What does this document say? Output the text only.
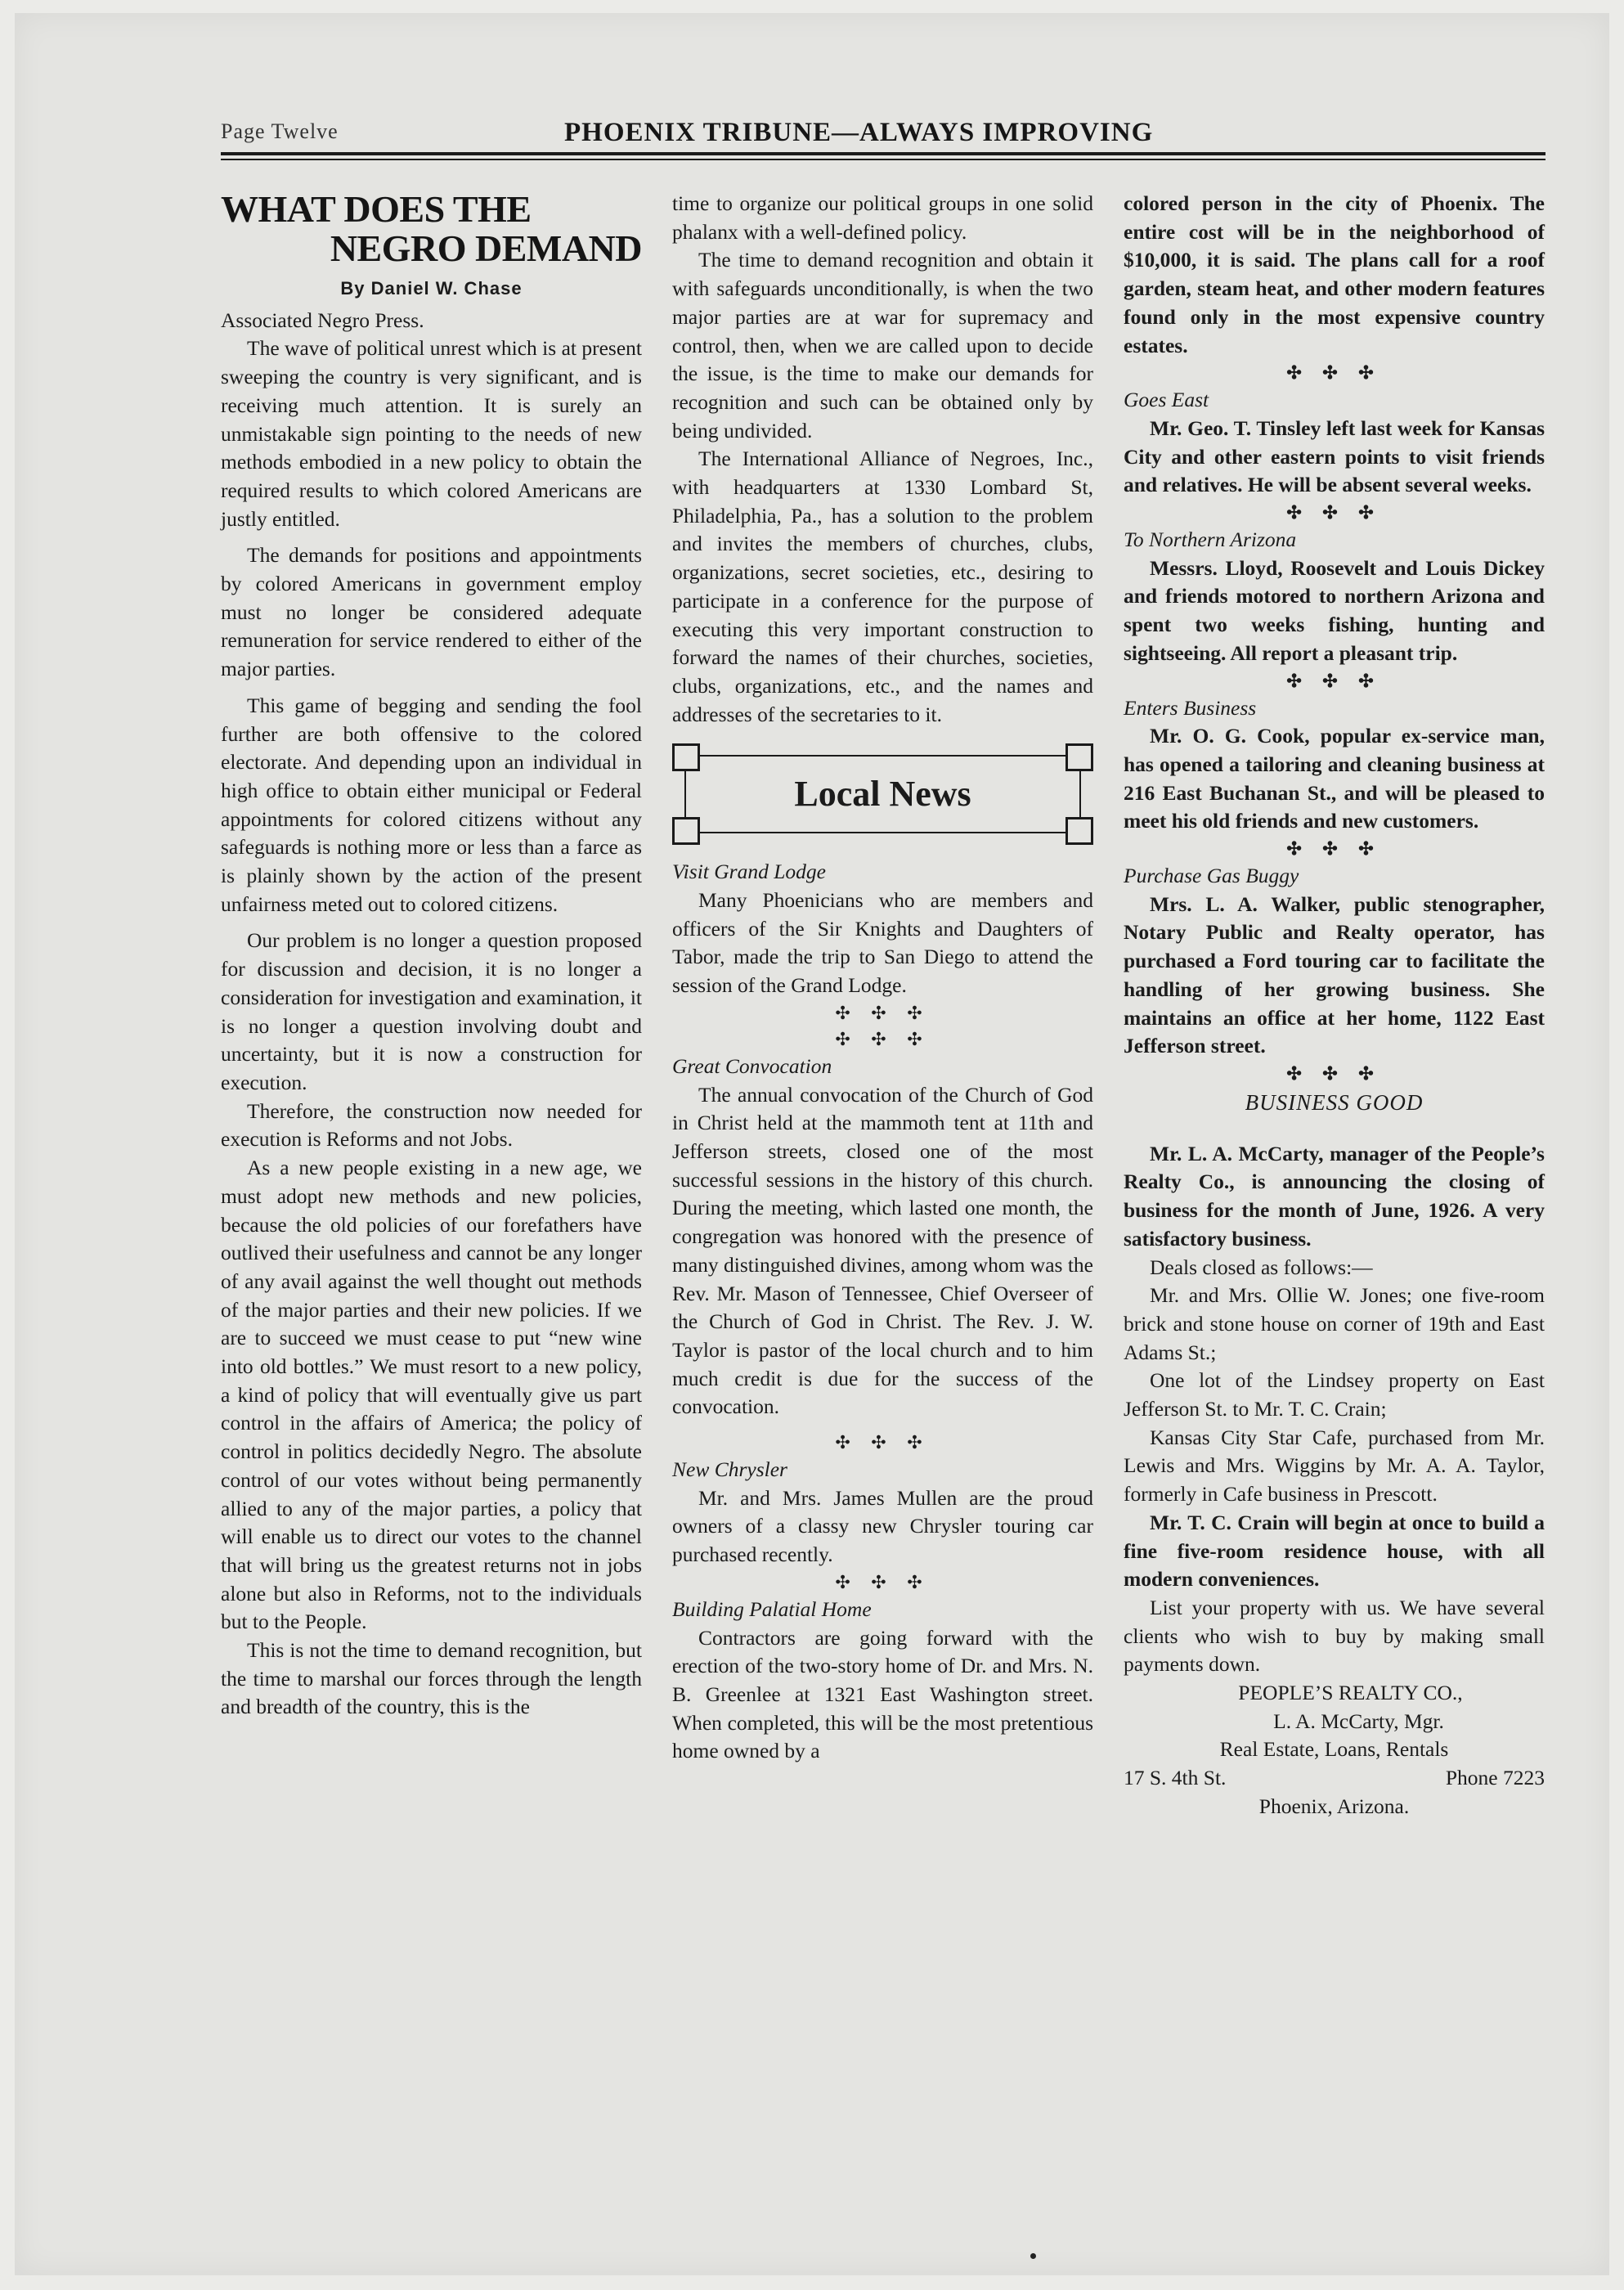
Page Twelve	PHOENIX TRIBUNE—ALWAYS IMPROVING
WHAT DOES THE
NEGRO DEMAND
By Daniel W. Chase

Associated Negro Press.

The wave of political unrest which is at present sweeping the country is very significant, and is receiving much attention. It is surely an unmistakable sign pointing to the needs of new methods embodied in a new policy to obtain the required results to which colored Americans are justly entitled.

The demands for positions and appointments by colored Americans in government employ must no longer be considered adequate remuneration for service rendered to either of the major parties.

This game of begging and sending the fool further are both offensive to the colored electorate. And depending upon an individual in high office to obtain either municipal or Federal appointments for colored citizens without any safeguards is nothing more or less than a farce as is plainly shown by the action of the present unfairness meted out to colored citizens.

Our problem is no longer a question proposed for discussion and decision, it is no longer a consideration for investigation and examination, it is no longer a question involving doubt and uncertainty, but it is now a construction for execution.

Therefore, the construction now needed for execution is Reforms and not Jobs.

As a new people existing in a new age, we must adopt new methods and new policies, because the old policies of our forefathers have outlived their usefulness and cannot be any longer of any avail against the well thought out methods of the major parties and their new policies. If we are to succeed we must cease to put “new wine into old bottles.” We must resort to a new policy, a kind of policy that will eventually give us part control in the affairs of America; the policy of control in politics decidedly Negro. The absolute control of our votes without being permanently allied to any of the major parties, a policy that will enable us to direct our votes to the channel that will bring us the greatest returns not in jobs alone but also in Reforms, not to the individuals but to the People.

This is not the time to demand recognition, but the time to marshal our forces through the length and breadth of the country, this is the

time to organize our political groups in one solid phalanx with a well-defined policy.

The time to demand recognition and obtain it with safeguards unconditionally, is when the two major parties are at war for supremacy and control, then, when we are called upon to decide the issue, is the time to make our demands for recognition and such can be obtained only by being undivided.

The International Alliance of Negroes, Inc., with headquarters at 1330 Lombard St, Philadelphia, Pa., has a solution to the problem and invites the members of churches, clubs, organizations, secret societies, etc., desiring to participate in a conference for the purpose of executing this very important construction to forward the names of their churches, societies, clubs, organizations, etc., and the names and addresses of the secretaries to it.

Local News

Visit Grand Lodge

Many Phoenicians who are members and officers of the Sir Knights and Daughters of Tabor, made the trip to San Diego to attend the session of the Grand Lodge.

✣ ✣ ✣
✣ ✣ ✣

Great Convocation

The annual convocation of the Church of God in Christ held at the mammoth tent at 11th and Jefferson streets, closed one of the most successful sessions in the history of this church. During the meeting, which lasted one month, the congregation was honored with the presence of many distinguished divines, among whom was the Rev. Mr. Mason of Tennessee, Chief Overseer of the Church of God in Christ. The Rev. J. W. Taylor is pastor of the local church and to him much credit is due for the success of the convocation.

✣ ✣ ✣

New Chrysler

Mr. and Mrs. James Mullen are the proud owners of a classy new Chrysler touring car purchased recently.

✣ ✣ ✣

Building Palatial Home

Contractors are going forward with the erection of the two-story home of Dr. and Mrs. N. B. Greenlee at 1321 East Washington street. When completed, this will be the most pretentious home owned by a

colored person in the city of Phoenix. The entire cost will be in the neighborhood of $10,000, it is said. The plans call for a roof garden, steam heat, and other modern features found only in the most expensive country estates.

✣ ✣ ✣

Goes East

Mr. Geo. T. Tinsley left last week for Kansas City and other eastern points to visit friends and relatives. He will be absent several weeks.

✣ ✣ ✣

To Northern Arizona

Messrs. Lloyd, Roosevelt and Louis Dickey and friends motored to northern Arizona and spent two weeks fishing, hunting and sightseeing. All report a pleasant trip.

✣ ✣ ✣

Enters Business

Mr. O. G. Cook, popular ex-service man, has opened a tailoring and cleaning business at 216 East Buchanan St., and will be pleased to meet his old friends and new customers.

✣ ✣ ✣

Purchase Gas Buggy

Mrs. L. A. Walker, public stenographer, Notary Public and Realty operator, has purchased a Ford touring car to facilitate the handling of her growing business. She maintains an office at her home, 1122 East Jefferson street.

✣ ✣ ✣
BUSINESS GOOD

Mr. L. A. McCarty, manager of the People’s Realty Co., is announcing the closing of business for the month of June, 1926. A very satisfactory business.

Deals closed as follows:—

Mr. and Mrs. Ollie W. Jones; one five-room brick and stone house on corner of 19th and East Adams St.;

One lot of the Lindsey property on East Jefferson St. to Mr. T. C. Crain;

Kansas City Star Cafe, purchased from Mr. Lewis and Mrs. Wiggins by Mr. A. A. Taylor, formerly in Cafe business in Prescott.

Mr. T. C. Crain will begin at once to build a fine five-room residence house, with all modern conveniences.

List your property with us. We have several clients who wish to buy by making small payments down.

PEOPLE’S REALTY CO.,
L. A. McCarty, Mgr.
Real Estate, Loans, Rentals
17 S. 4th St.	Phone 7223
Phoenix, Arizona.
